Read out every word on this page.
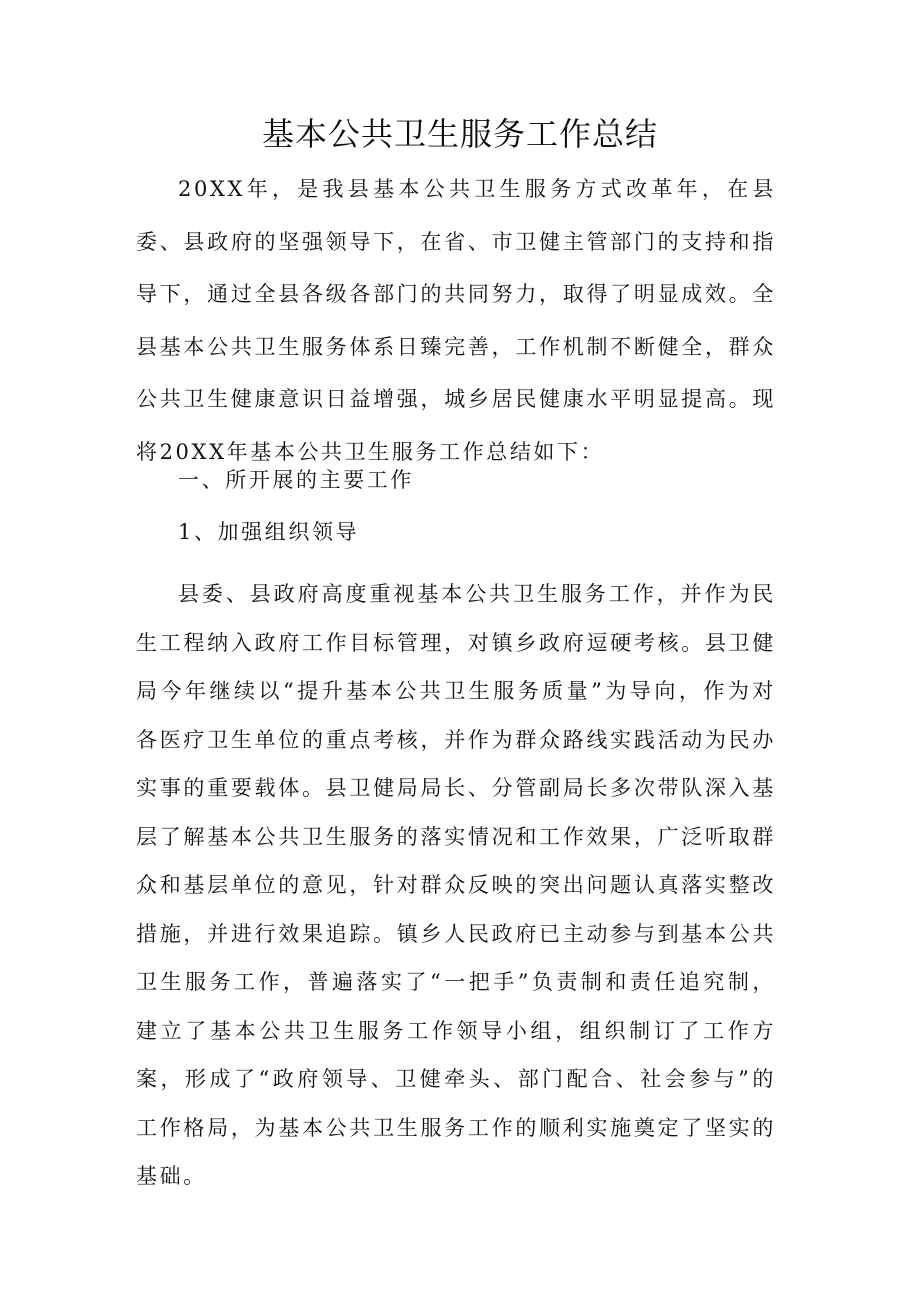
基本公共卫生服务工作总结

20XX年，是我县基本公共卫生服务方式改革年，在县委、县政府的坚强领导下，在省、市卫健主管部门的支持和指导下，通过全县各级各部门的共同努力，取得了明显成效。全县基本公共卫生服务体系日臻完善，工作机制不断健全，群众公共卫生健康意识日益增强，城乡居民健康水平明显提高。现将20XX年基本公共卫生服务工作总结如下：

一、所开展的主要工作

1、加强组织领导

县委、县政府高度重视基本公共卫生服务工作，并作为民生工程纳入政府工作目标管理，对镇乡政府逗硬考核。县卫健局今年继续以“提升基本公共卫生服务质量”为导向，作为对各医疗卫生单位的重点考核，并作为群众路线实践活动为民办实事的重要载体。县卫健局局长、分管副局长多次带队深入基层了解基本公共卫生服务的落实情况和工作效果，广泛听取群众和基层单位的意见，针对群众反映的突出问题认真落实整改措施，并进行效果追踪。镇乡人民政府已主动参与到基本公共卫生服务工作，普遍落实了“一把手”负责制和责任追究制，建立了基本公共卫生服务工作领导小组，组织制订了工作方案，形成了“政府领导、卫健牵头、部门配合、社会参与”的工作格局，为基本公共卫生服务工作的顺利实施奠定了坚实的基础。
